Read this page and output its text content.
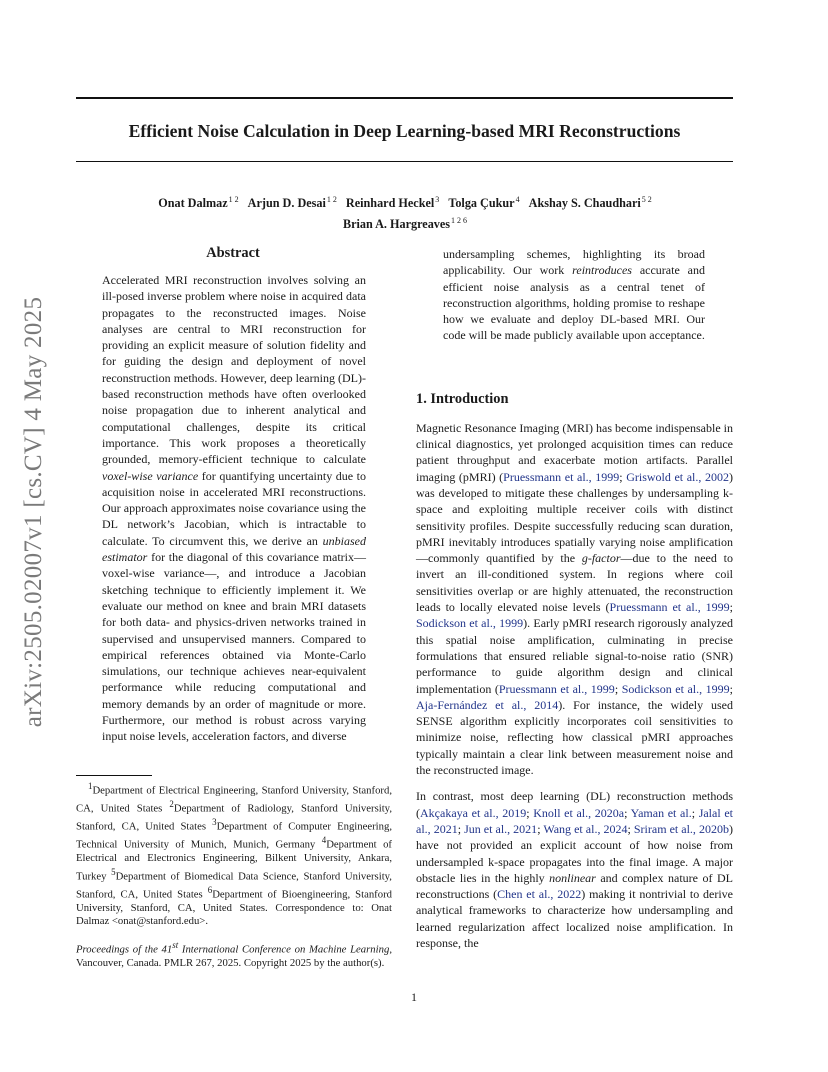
arXiv:2505.02007v1 [cs.CV] 4 May 2025
Efficient Noise Calculation in Deep Learning-based MRI Reconstructions
Onat Dalmaz$^{1 2}$ Arjun D. Desai$^{1 2}$ Reinhard Heckel$^3$ Tolga Çukur$^4$ Akshay S. Chaudhari$^{5 2}$
Brian A. Hargreaves$^{1 2 6}$
Abstract

Accelerated MRI reconstruction involves solving an ill-posed inverse problem where noise in acquired data propagates to the reconstructed images. Noise analyses are central to MRI reconstruction for providing an explicit measure of solution fidelity and for guiding the design and deployment of novel reconstruction methods. However, deep learning (DL)-based reconstruction methods have often overlooked noise propagation due to inherent analytical and computational challenges, despite its critical importance. This work proposes a theoretically grounded, memory-efficient technique to calculate voxel-wise variance for quantifying uncertainty due to acquisition noise in accelerated MRI reconstructions. Our approach approximates noise covariance using the DL network’s Jacobian, which is intractable to calculate. To circumvent this, we derive an unbiased estimator for the diagonal of this covariance matrix—voxel-wise variance—, and introduce a Jacobian sketching technique to efficiently implement it. We evaluate our method on knee and brain MRI datasets for both data- and physics-driven networks trained in supervised and unsupervised manners. Compared to empirical references obtained via Monte-Carlo simulations, our technique achieves near-equivalent performance while reducing computational and memory demands by an order of magnitude or more. Furthermore, our method is robust across varying input noise levels, acceleration factors, and diverse

undersampling schemes, highlighting its broad applicability. Our work reintroduces accurate and efficient noise analysis as a central tenet of reconstruction algorithms, holding promise to reshape how we evaluate and deploy DL-based MRI. Our code will be made publicly available upon acceptance.

1. Introduction

Magnetic Resonance Imaging (MRI) has become indispensable in clinical diagnostics, yet prolonged acquisition times can reduce patient throughput and exacerbate motion artifacts. Parallel imaging (pMRI) (Pruessmann et al., 1999; Griswold et al., 2002) was developed to mitigate these challenges by undersampling k-space and exploiting multiple receiver coils with distinct sensitivity profiles. Despite successfully reducing scan duration, pMRI inevitably introduces spatially varying noise amplification—commonly quantified by the g-factor—due to the need to invert an ill-conditioned system. In regions where coil sensitivities overlap or are highly attenuated, the reconstruction leads to locally elevated noise levels (Pruessmann et al., 1999; Sodickson et al., 1999). Early pMRI research rigorously analyzed this spatial noise amplification, culminating in precise formulations that ensured reliable signal-to-noise ratio (SNR) performance to guide algorithm design and clinical implementation (Pruessmann et al., 1999; Sodickson et al., 1999; Aja-Fernández et al., 2014). For instance, the widely used SENSE algorithm explicitly incorporates coil sensitivities to minimize noise, reflecting how classical pMRI approaches typically maintain a clear link between measurement noise and the reconstructed image.

In contrast, most deep learning (DL) reconstruction methods (Akçakaya et al., 2019; Knoll et al., 2020a; Yaman et al.; Jalal et al., 2021; Jun et al., 2021; Wang et al., 2024; Sriram et al., 2020b) have not provided an explicit account of how noise from undersampled k-space propagates into the final image. A major obstacle lies in the highly nonlinear and complex nature of DL reconstructions (Chen et al., 2022) making it nontrivial to derive analytical frameworks to characterize how undersampling and learned regularization affect localized noise amplification. In response, the

$^1$Department of Electrical Engineering, Stanford University, Stanford, CA, United States $^2$Department of Radiology, Stanford University, Stanford, CA, United States $^3$Department of Computer Engineering, Technical University of Munich, Munich, Germany $^4$Department of Electrical and Electronics Engineering, Bilkent University, Ankara, Turkey $^5$Department of Biomedical Data Science, Stanford University, Stanford, CA, United States $^6$Department of Bioengineering, Stanford University, Stanford, CA, United States. Correspondence to: Onat Dalmaz <onat@stanford.edu>.

Proceedings of the 41st International Conference on Machine Learning, Vancouver, Canada. PMLR 267, 2025. Copyright 2025 by the author(s).

1
